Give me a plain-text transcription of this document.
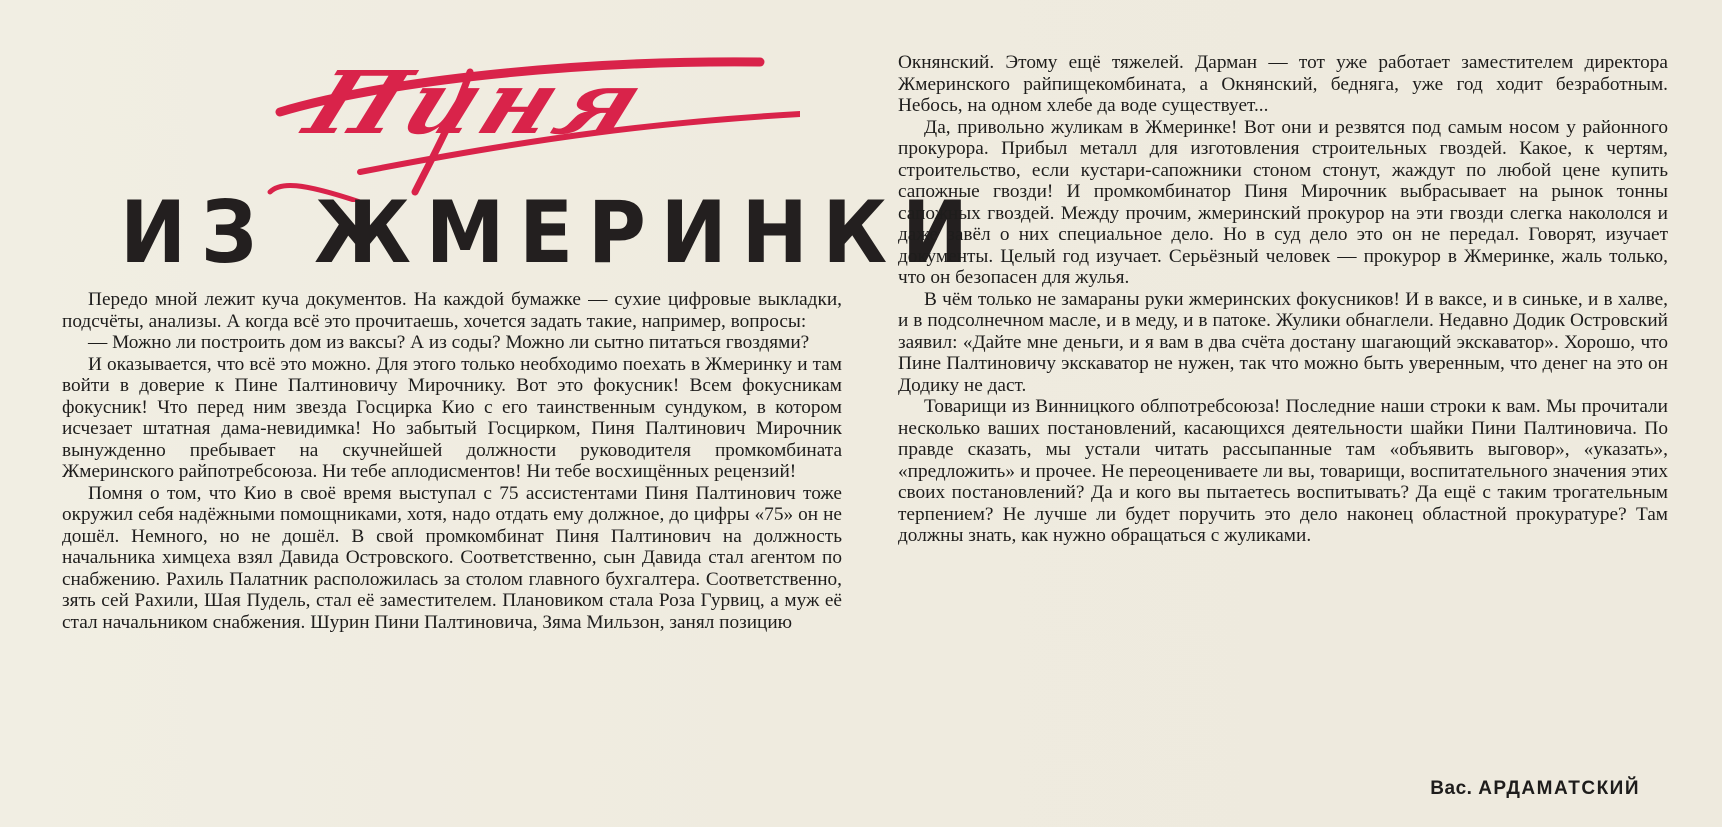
Пиня
ИЗ ЖМЕРИНКИ

Передо мной лежит куча документов. На каждой бумажке — сухие цифровые выкладки, подсчёты, анализы. А когда всё это прочитаешь, хочется задать такие, например, вопросы:

— Можно ли построить дом из ваксы? А из соды? Можно ли сытно питаться гвоздями?

И оказывается, что всё это можно. Для этого только необходимо поехать в Жмеринку и там войти в доверие к Пине Палтиновичу Мирочнику. Вот это фокусник! Всем фокусникам фокусник! Что перед ним звезда Госцирка Кио с его таинственным сундуком, в котором исчезает штатная дама-невидимка! Но забытый Госцирком, Пиня Палтинович Мирочник вынужденно пребывает на скучнейшей должности руководителя промкомбината Жмеринского райпотребсоюза. Ни тебе аплодисментов! Ни тебе восхищённых рецензий!

Помня о том, что Кио в своё время выступал с 75 ассистентами Пиня Палтинович тоже окружил себя надёжными помощниками, хотя, надо отдать ему должное, до цифры «75» он не дошёл. Немного, но не дошёл. В свой промкомбинат Пиня Палтинович на должность начальника химцеха взял Давида Островского. Соответственно, сын Давида стал агентом по снабжению. Рахиль Палатник расположилась за столом главного бухгалтера. Соответственно, зять сей Рахили, Шая Пудель, стал её заместителем. Плановиком стала Роза Гурвиц, а муж её стал начальником снабжения. Шурин Пини Палтиновича, Зяма Мильзон, занял позицию

Окнянский. Этому ещё тяжелей. Дарман — тот уже работает заместителем директора Жмеринского райпищекомбината, а Окнянский, бедняга, уже год ходит безработным. Небось, на одном хлебе да воде существует...

Да, привольно жуликам в Жмеринке! Вот они и резвятся под самым носом у районного прокурора. Прибыл металл для изготовления строительных гвоздей. Какое, к чертям, строительство, если кустари-сапожники стоном стонут, жаждут по любой цене купить сапожные гвозди! И промкомбинатор Пиня Мирочник выбрасывает на рынок тонны сапожных гвоздей. Между прочим, жмеринский прокурор на эти гвозди слегка накололся и даже завёл о них специальное дело. Но в суд дело это он не передал. Говорят, изучает документы. Целый год изучает. Серьёзный человек — прокурор в Жмеринке, жаль только, что он безопасен для жулья.

В чём только не замараны руки жмеринских фокусников! И в ваксе, и в синьке, и в халве, и в подсолнечном масле, и в меду, и в патоке. Жулики обнаглели. Недавно Додик Островский заявил: «Дайте мне деньги, и я вам в два счёта достану шагающий экскаватор». Хорошо, что Пине Палтиновичу экскаватор не нужен, так что можно быть уверенным, что денег на это он Додику не даст.

Товарищи из Винницкого облпотребсоюза! Последние наши строки к вам. Мы прочитали несколько ваших постановлений, касающихся деятельности шайки Пини Палтиновича. По правде сказать, мы устали читать рассыпанные там «объявить выговор», «указать», «предложить» и прочее. Не переоцениваете ли вы, товарищи, воспитательного значения этих своих постановлений? Да и кого вы пытаетесь воспитывать? Да ещё с таким трогательным терпением? Не лучше ли будет поручить это дело наконец областной прокуратуре? Там должны знать, как нужно обращаться с жуликами.

Вас. АРДАМАТСКИЙ
